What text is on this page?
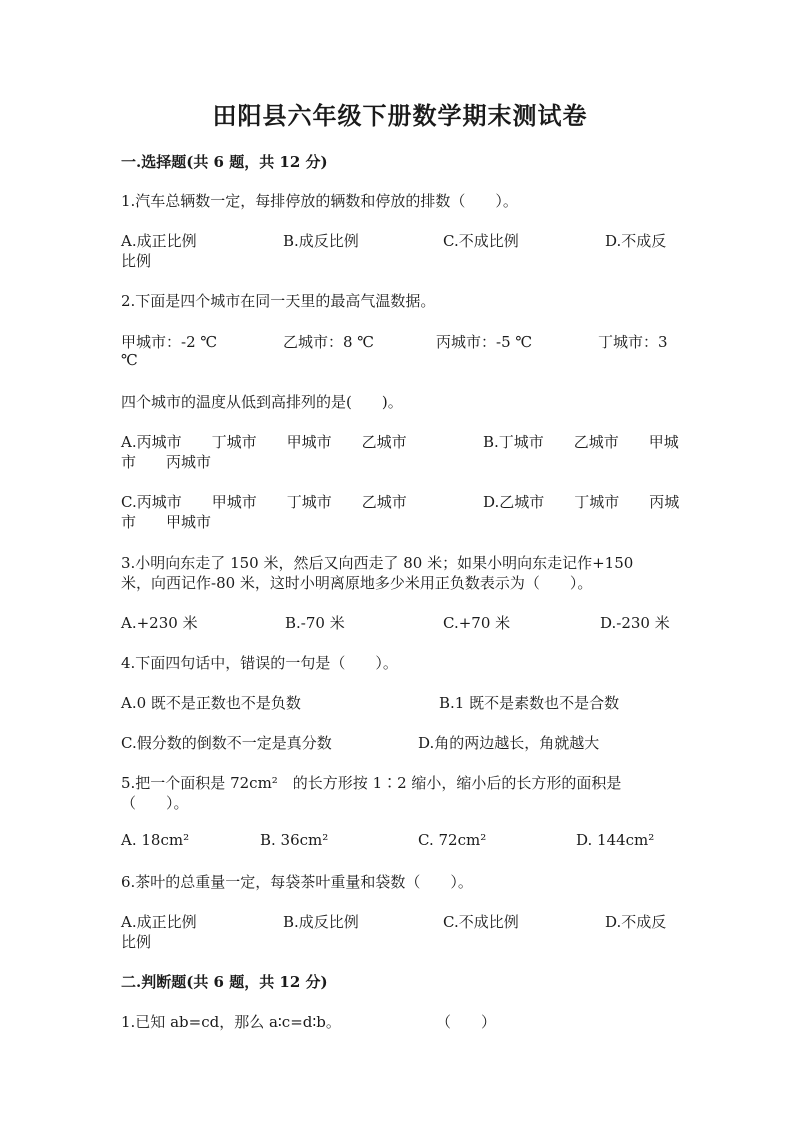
田阳县六年级下册数学期末测试卷
一.选择题(共 6 题，共 12 分)
1.汽车总辆数一定，每排停放的辆数和停放的排数（　　）。
A.成正比例	B.成反比例	C.不成比例	D.不成反
比例
2.下面是四个城市在同一天里的最高气温数据。
甲城市：-2 ℃	乙城市：8 ℃	丙城市：-5 ℃	丁城市：3
℃
四个城市的温度从低到高排列的是(　　)。
A.丙城市　　丁城市　　甲城市　　乙城市	B.丁城市　　乙城市　　甲城
市　　丙城市
C.丙城市　　甲城市　　丁城市　　乙城市	D.乙城市　　丁城市　　丙城
市　　甲城市
3.小明向东走了 150 米，然后又向西走了 80 米；如果小明向东走记作+150
米，向西记作-80 米，这时小明离原地多少米用正负数表示为（　　）。
A.+230 米	B.-70 米	C.+70 米	D.-230 米
4.下面四句话中，错误的一句是（　　）。
A.0 既不是正数也不是负数	B.1 既不是素数也不是合数
C.假分数的倒数不一定是真分数	D.角的两边越长，角就越大
5.把一个面积是 72cm²　的长方形按 1∶2 缩小，缩小后的长方形的面积是
（　　）。
A. 18cm²	B. 36cm²	C. 72cm²	D. 144cm²
6.茶叶的总重量一定，每袋茶叶重量和袋数（　　）。
A.成正比例	B.成反比例	C.不成比例	D.不成反
比例
二.判断题(共 6 题，共 12 分)
1.已知 ab=cd，那么 a∶c=d∶b。	（　　）
